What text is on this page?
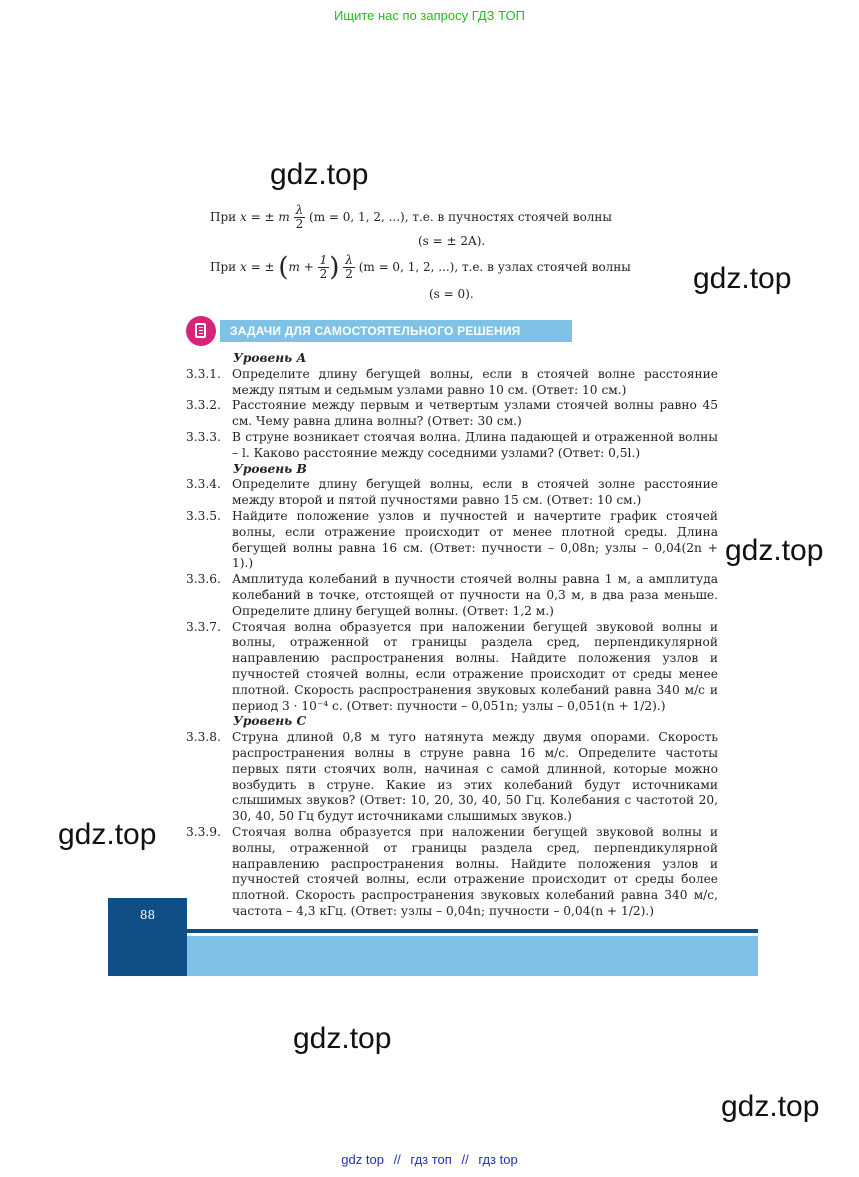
Ищите нас по запросу ГДЗ ТОП
gdz.top
gdz.top
gdz.top
gdz.top
gdz.top
gdz.top
При x = ± m $\frac{\lambda}{2} (m = 0$, 1, 2, ...), т.е. в пучностях стоячей волны
(s = ± 2A).
При x = ± ($m + \frac{1}{2}$ ) $\frac{\lambda}{2} (m = 0$, 1, 2, ...), т.е. в узлах стоячей волны
(s = 0).
ЗАДАЧИ ДЛЯ САМОСТОЯТЕЛЬНОГО РЕШЕНИЯ
Уровень А
3.3.1. Определите длину бегущей волны, если в стоячей волне расстояние между пятым и седьмым узлами равно 10 см. (Ответ: 10 см.)
3.3.2. Расстояние между первым и четвертым узлами стоячей волны равно 45 см. Чему равна длина волны? (Ответ: 30 см.)
3.3.3. В струне возникает стоячая волна. Длина падающей и отраженной волны – l. Каково расстояние между соседними узлами? (Ответ: 0,5l.)
Уровень В
3.3.4. Определите длину бегущей волны, если в стоячей золне расстояние между второй и пятой пучностями равно 15 см. (Ответ: 10 см.)
3.3.5. Найдите положение узлов и пучностей и начертите график стоячей волны, если отражение происходит от менее плотной среды. Длина бегущей волны равна 16 см. (Ответ: пучности – 0,08n; узлы – 0,04(2n + 1).)
3.3.6. Амплитуда колебаний в пучности стоячей волны равна 1 м, а амплитуда колебаний в точке, отстоящей от пучности на 0,3 м, в два раза меньше. Определите длину бегущей волны. (Ответ: 1,2 м.)
3.3.7. Стоячая волна образуется при наложении бегущей звуковой волны и волны, отраженной от границы раздела сред, перпендикулярной направлению распространения волны. Найдите положения узлов и пучностей стоячей волны, если отражение происходит от среды менее плотной. Скорость распространения звуковых колебаний равна 340 м/с и период 3 · 10⁻⁴ с. (Ответ: пучности – 0,051n; узлы – 0,051(n + 1/2).)
Уровень С
3.3.8. Струна длиной 0,8 м туго натянута между двумя опорами. Скорость распространения волны в струне равна 16 м/с. Определите частоты первых пяти стоячих волн, начиная с самой длинной, которые можно возбудить в струне. Какие из этих колебаний будут источниками слышимых звуков? (Ответ: 10, 20, 30, 40, 50 Гц. Колебания с частотой 20, 30, 40, 50 Гц будут источниками слышимых звуков.)
3.3.9. Стоячая волна образуется при наложении бегущей звуковой волны и волны, отраженной от границы раздела сред, перпендикулярной направлению распространения волны. Найдите положения узлов и пучностей стоячей волны, если отражение происходит от среды более плотной. Скорость распространения звуковых колебаний равна 340 м/с, частота – 4,3 кГц. (Ответ: узлы – 0,04n; пучности – 0,04(n + 1/2).)
88
gdz top // гдз топ // гдз top
